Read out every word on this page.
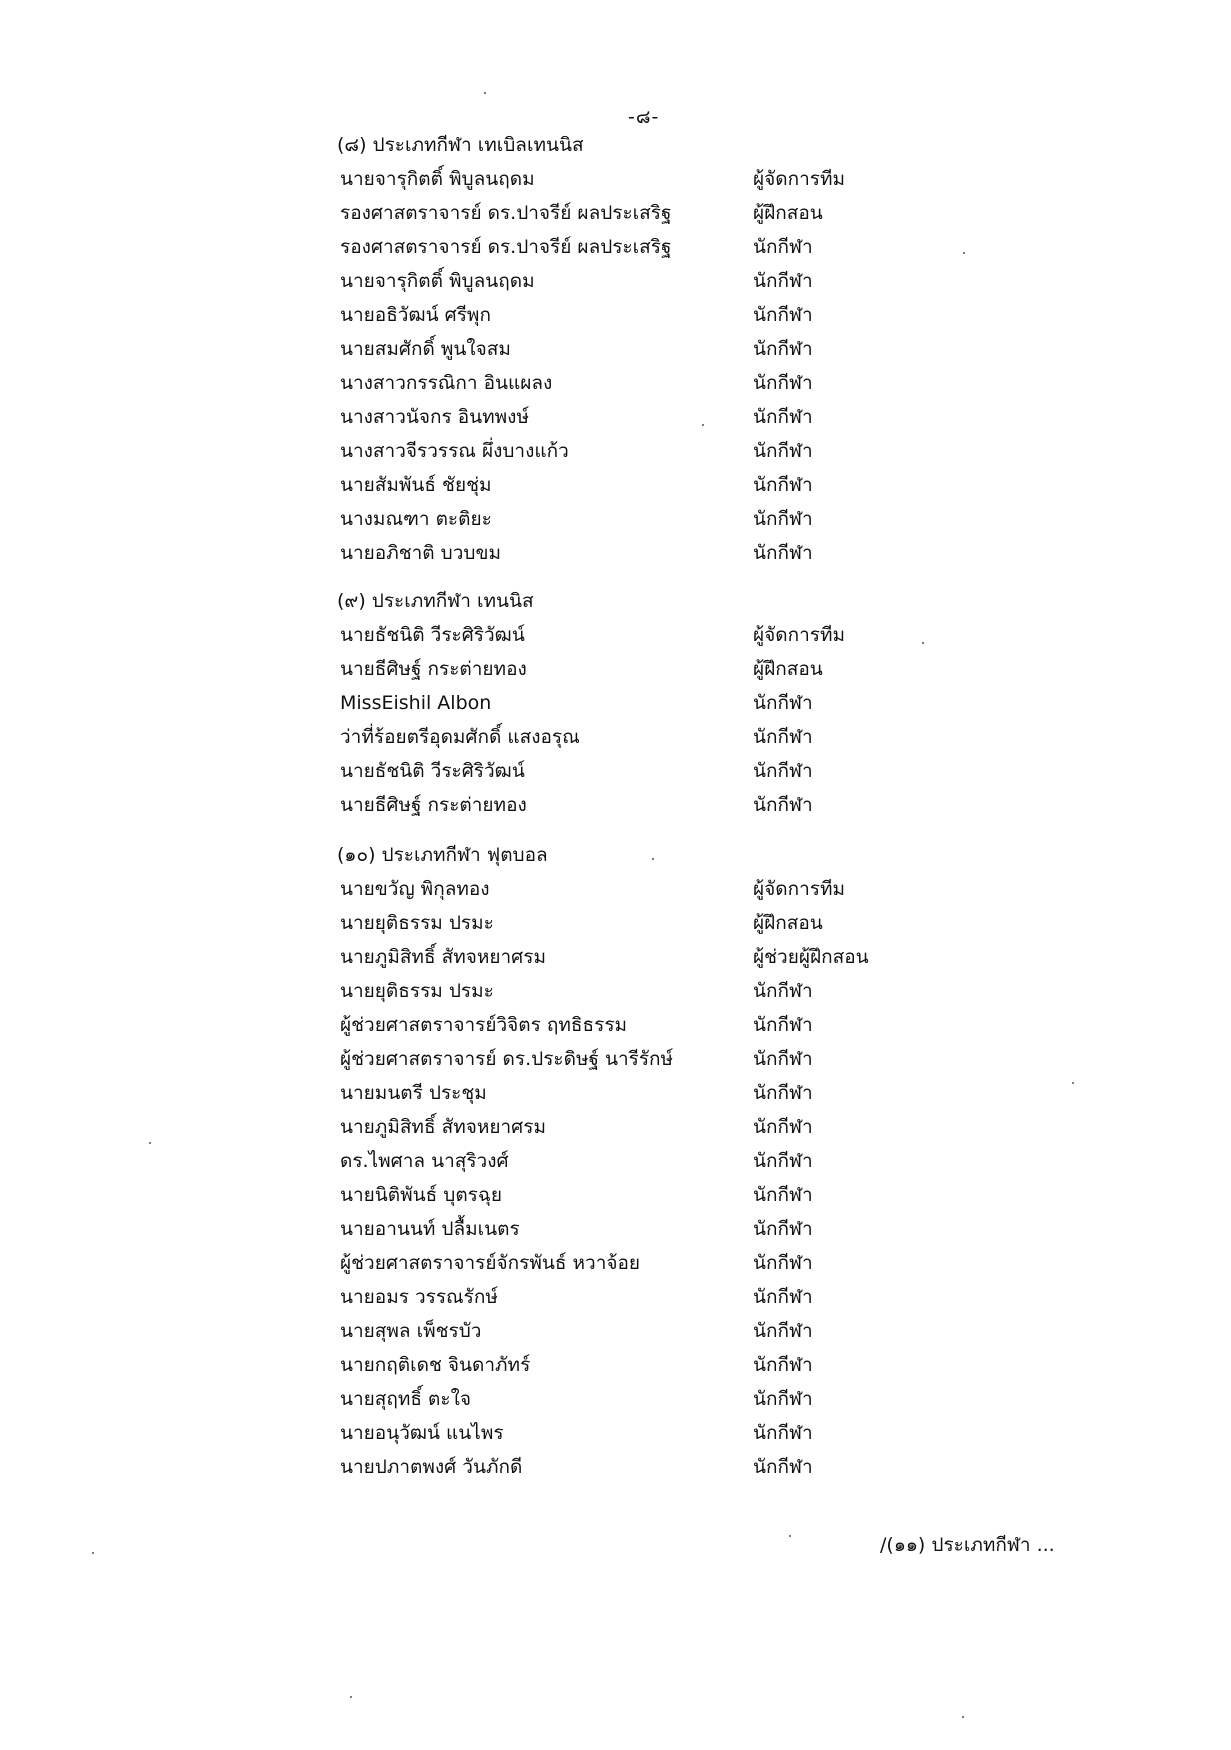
-๘-
(๘) ประเภทกีฬา เทเบิลเทนนิส
นายจารุกิตติ์ พิบูลนฤดม	ผู้จัดการทีม
รองศาสตราจารย์ ดร.ปาจรีย์ ผลประเสริฐ	ผู้ฝึกสอน
รองศาสตราจารย์ ดร.ปาจรีย์ ผลประเสริฐ	นักกีฬา
นายจารุกิตติ์ พิบูลนฤดม	นักกีฬา
นายอธิวัฒน์ ศรีพุก	นักกีฬา
นายสมศักดิ์ พูนใจสม	นักกีฬา
นางสาวกรรณิกา อินแผลง	นักกีฬา
นางสาวนัจกร อินทพงษ์	นักกีฬา
นางสาวจีรวรรณ ผึ่งบางแก้ว	นักกีฬา
นายสัมพันธ์ ชัยชุ่ม	นักกีฬา
นางมณฑา ตะติยะ	นักกีฬา
นายอภิชาติ บวบขม	นักกีฬา
(๙) ประเภทกีฬา เทนนิส
นายธัชนิติ วีระศิริวัฒน์	ผู้จัดการทีม
นายธีศิษฐ์ กระต่ายทอง	ผู้ฝึกสอน
MissEishil Albon	นักกีฬา
ว่าที่ร้อยตรีอุดมศักดิ์ แสงอรุณ	นักกีฬา
นายธัชนิติ วีระศิริวัฒน์	นักกีฬา
นายธีศิษฐ์ กระต่ายทอง	นักกีฬา
(๑๐) ประเภทกีฬา ฟุตบอล
นายขวัญ พิกุลทอง	ผู้จัดการทีม
นายยุติธรรม ปรมะ	ผู้ฝึกสอน
นายภูมิสิทธิ์ สัทจหยาศรม	ผู้ช่วยผู้ฝึกสอน
นายยุติธรรม ปรมะ	นักกีฬา
ผู้ช่วยศาสตราจารย์วิจิตร ฤทธิธรรม	นักกีฬา
ผู้ช่วยศาสตราจารย์ ดร.ประดิษฐ์ นารีรักษ์	นักกีฬา
นายมนตรี ประชุม	นักกีฬา
นายภูมิสิทธิ์ สัทจหยาศรม	นักกีฬา
ดร.ไพศาล นาสุริวงศ์	นักกีฬา
นายนิติพันธ์ บุตรฉุย	นักกีฬา
นายอานนท์ ปลื้มเนตร	นักกีฬา
ผู้ช่วยศาสตราจารย์จักรพันธ์ หวาจ้อย	นักกีฬา
นายอมร วรรณรักษ์	นักกีฬา
นายสุพล เพ็ชรบัว	นักกีฬา
นายกฤติเดช จินดาภัทร์	นักกีฬา
นายสุฤทธิ์ ตะใจ	นักกีฬา
นายอนุวัฒน์ แนไพร	นักกีฬา
นายปภาตพงศ์ วันภักดี	นักกีฬา
/(๑๑) ประเภทกีฬา ...
